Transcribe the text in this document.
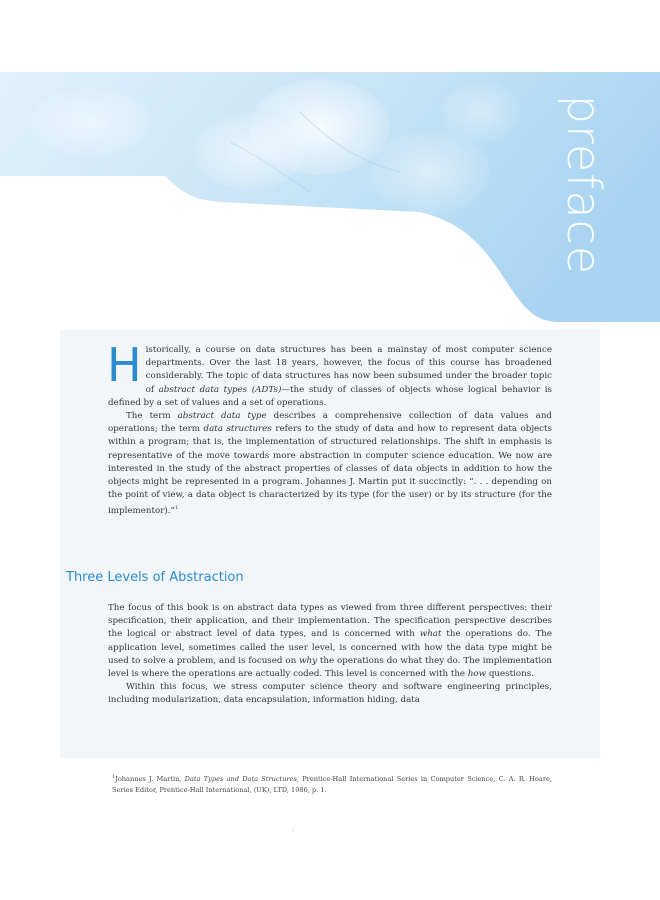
preface

H istorically, a course on data structures has been a mainstay of most computer science departments. Over the last 18 years, however, the focus of this course has broadened considerably. The topic of data structures has now been subsumed under the broader topic of abstract data types (ADTs)—the study of classes of objects whose logical behavior is defined by a set of values and a set of operations.
The term abstract data type describes a comprehensive collection of data values and operations; the term data structures refers to the study of data and how to represent data objects within a program; that is, the implementation of structured relationships. The shift in emphasis is representative of the move towards more abstraction in computer science education. We now are interested in the study of the abstract properties of classes of data objects in addition to how the objects might be represented in a program. Johannes J. Martin put it succinctly: “. . . depending on the point of view, a data object is characterized by its type (for the user) or by its structure (for the implementor).”$^1$

Three Levels of Abstraction

The focus of this book is on abstract data types as viewed from three different perspectives: their specification, their application, and their implementation. The specification perspective describes the logical or abstract level of data types, and is concerned with what the operations do. The application level, sometimes called the user level, is concerned with how the data type might be used to solve a problem, and is focused on why the operations do what they do. The implementation level is where the operations are actually coded. This level is concerned with the how questions.

Within this focus, we stress computer science theory and software engineering principles, including modularization, data encapsulation, information hiding, data

$^1$Johannes J. Martin, Data Types and Data Structures, Prentice-Hall International Series in Computer Science, C. A. R. Hoare, Series Editor, Prentice-Hall International, (UK), LTD, 1986, p. 1.

.
